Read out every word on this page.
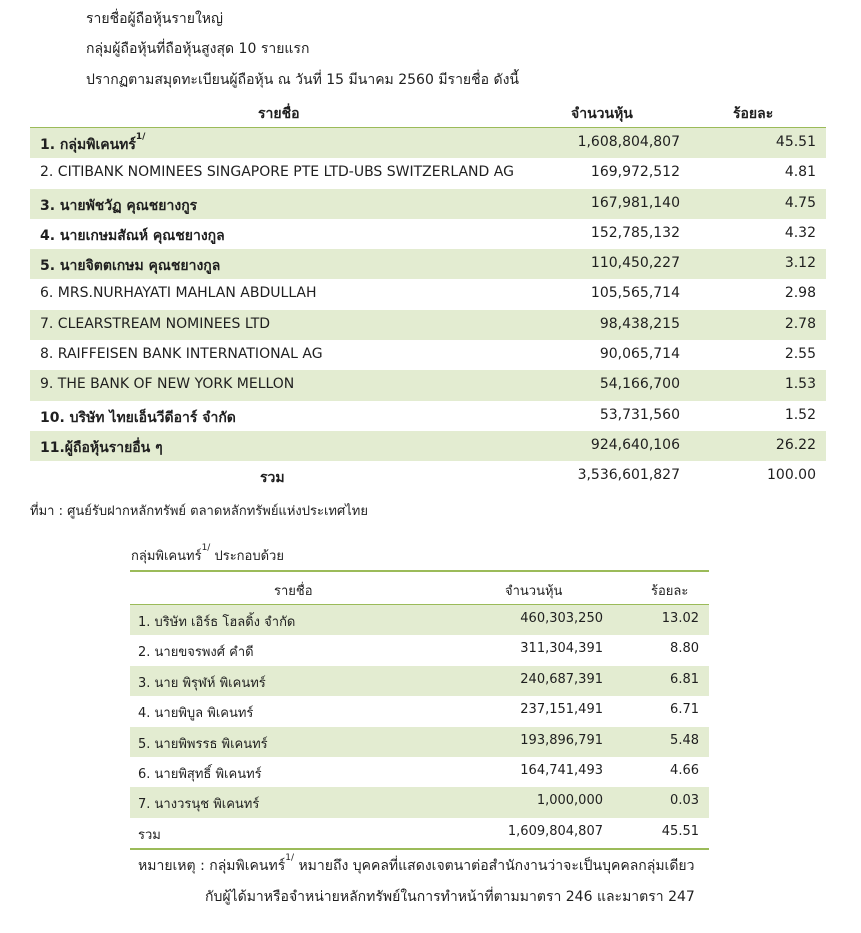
รายชื่อผู้ถือหุ้นรายใหญ่
กลุ่มผู้ถือหุ้นที่ถือหุ้นสูงสุด 10 รายแรก
ปรากฏตามสมุดทะเบียนผู้ถือหุ้น ณ วันที่ 15 มีนาคม 2560 มีรายชื่อ ดังนี้
รายชื่อ	จำนวนหุ้น	ร้อยละ
1. กลุ่มพิเคนทร์$^{1/}$	1,608,804,807	45.51
2. CITIBANK NOMINEES SINGAPORE PTE LTD-UBS SWITZERLAND AG	169,972,512	4.81
3. นายพัชวัฏ คุณชยางกูร	167,981,140	4.75
4. นายเกษมสัณห์ คุณชยางกูล	152,785,132	4.32
5. นายจิตตเกษม คุณชยางกูล	110,450,227	3.12
6. MRS.NURHAYATI MAHLAN ABDULLAH	105,565,714	2.98
7. CLEARSTREAM NOMINEES LTD	98,438,215	2.78
8. RAIFFEISEN BANK INTERNATIONAL AG	90,065,714	2.55
9. THE BANK OF NEW YORK MELLON	54,166,700	1.53
10. บริษัท ไทยเอ็นวีดีอาร์ จำกัด	53,731,560	1.52
11.ผู้ถือหุ้นรายอื่น ๆ	924,640,106	26.22
รวม	3,536,601,827	100.00
ที่มา : ศูนย์รับฝากหลักทรัพย์ ตลาดหลักทรัพย์แห่งประเทศไทย
กลุ่มพิเคนทร์$^{1/}$ ประกอบด้วย
รายชื่อ	จำนวนหุ้น	ร้อยละ
1. บริษัท เอิร์ธ โฮลดิ้ง จำกัด	460,303,250	13.02
2. นายขจรพงศ์ คำดี	311,304,391	8.80
3. นาย พิรุฬห์ พิเคนทร์	240,687,391	6.81
4. นายพิบูล พิเคนทร์	237,151,491	6.71
5. นายพิพรรธ พิเคนทร์	193,896,791	5.48
6. นายพิสุทธิ์ พิเคนทร์	164,741,493	4.66
7. นางวรนุช พิเคนทร์	1,000,000	0.03
รวม	1,609,804,807	45.51
หมายเหตุ : กลุ่มพิเคนทร์$^{1/}$ หมายถึง บุคคลที่แสดงเจตนาต่อสำนักงานว่าจะเป็นบุคคลกลุ่มเดียว
กับผู้ได้มาหรือจำหน่ายหลักทรัพย์ในการทำหน้าที่ตามมาตรา 246 และมาตรา 247
